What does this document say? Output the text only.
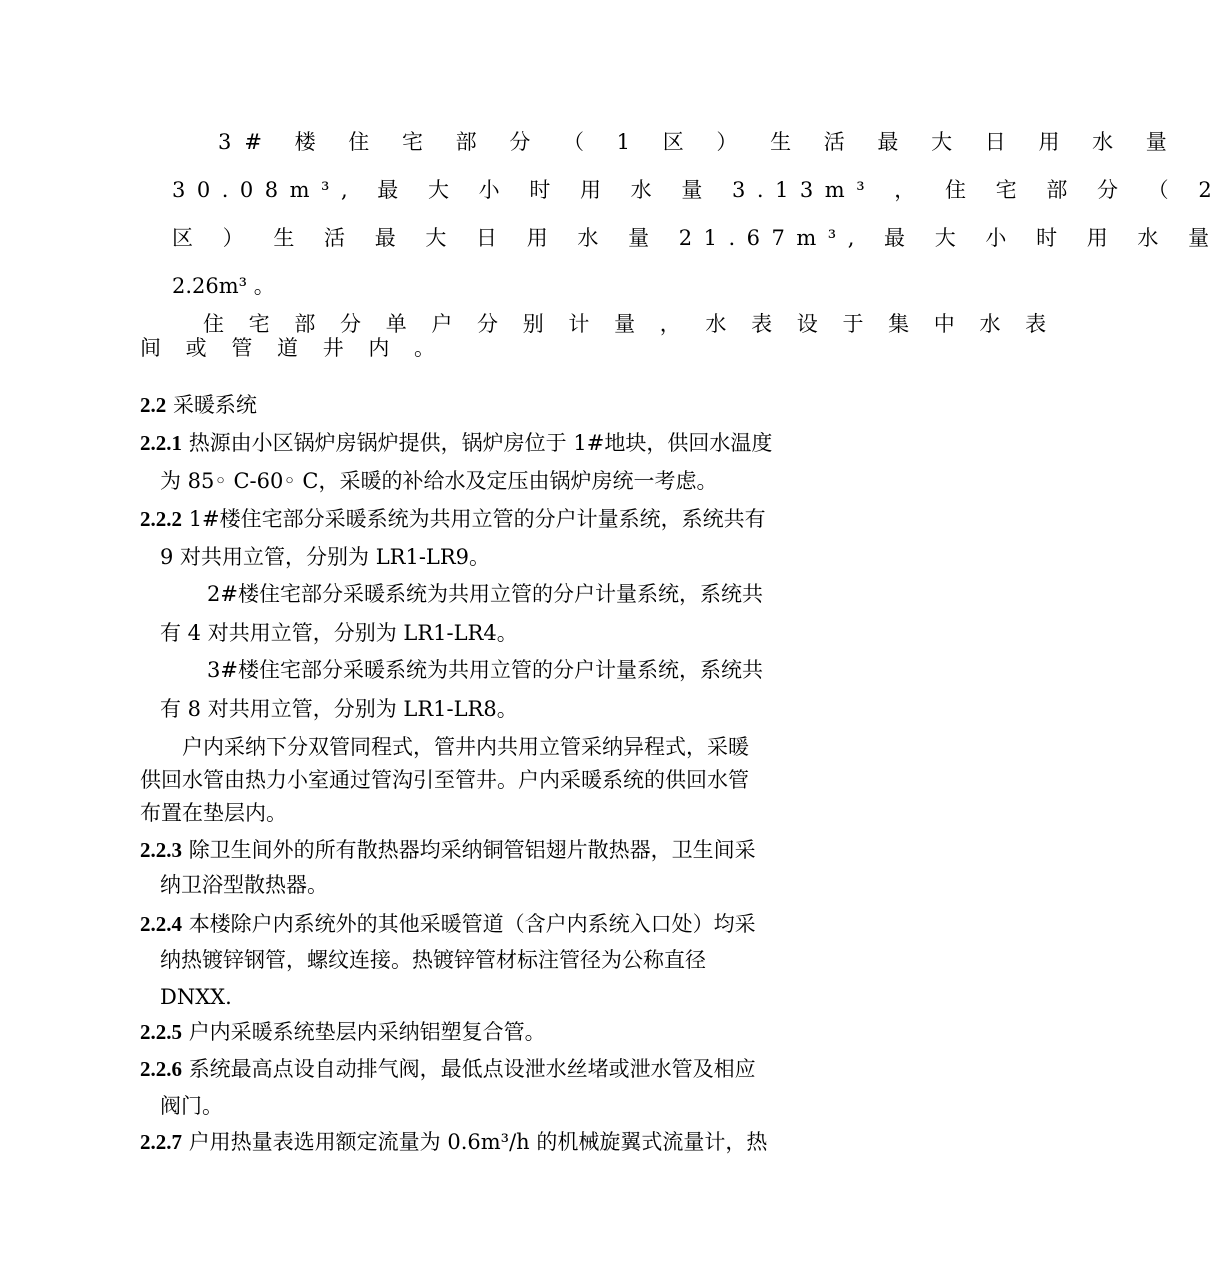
3# 楼 住 宅 部 分 （ 1 区 ） 生 活 最 大 日 用 水 量
30.08m³, 最 大 小 时 用 水 量 3.13m³ ， 住 宅 部 分 （ 2
区 ） 生 活 最 大 日 用 水 量 21.67m³, 最 大 小 时 用 水 量
2.26m³ 。
住 宅 部 分 单 户 分 别 计 量 ， 水 表 设 于 集 中 水 表
间 或 管 道 井 内 。
2.2 采暖系统
2.2.1 热源由小区锅炉房锅炉提供，锅炉房位于 1#地块，供回水温度
为 85◦ C-60◦ C，采暖的补给水及定压由锅炉房统一考虑。
2.2.2 1#楼住宅部分采暖系统为共用立管的分户计量系统，系统共有
9 对共用立管，分别为 LR1-LR9。
2#楼住宅部分采暖系统为共用立管的分户计量系统，系统共
有 4 对共用立管，分别为 LR1-LR4。
3#楼住宅部分采暖系统为共用立管的分户计量系统，系统共
有 8 对共用立管，分别为 LR1-LR8。
户内采纳下分双管同程式，管井内共用立管采纳异程式，采暖
供回水管由热力小室通过管沟引至管井。户内采暖系统的供回水管
布置在垫层内。
2.2.3 除卫生间外的所有散热器均采纳铜管铝翅片散热器，卫生间采
纳卫浴型散热器。
2.2.4 本楼除户内系统外的其他采暖管道（含户内系统入口处）均采
纳热镀锌钢管，螺纹连接。热镀锌管材标注管径为公称直径
DNXX.
2.2.5 户内采暖系统垫层内采纳铝塑复合管。
2.2.6 系统最高点设自动排气阀，最低点设泄水丝堵或泄水管及相应
阀门。
2.2.7 户用热量表选用额定流量为 0.6m³/h 的机械旋翼式流量计，热
